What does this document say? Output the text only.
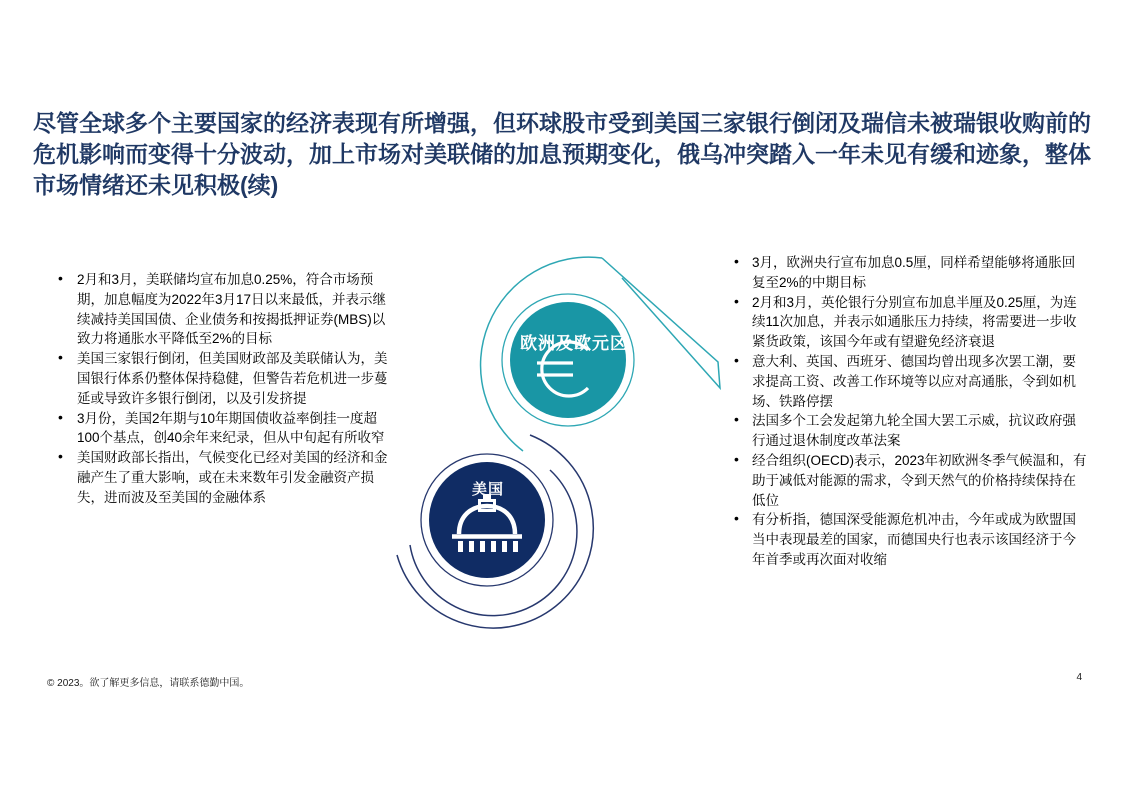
尽管全球多个主要国家的经济表现有所增强，但环球股市受到美国三家银行倒闭及瑞信未被瑞银收购前的危机影响而变得十分波动，加上市场对美联储的加息预期变化，俄乌冲突踏入一年未见有缓和迹象，整体市场情绪还未见积极(续)
• 2月和3月，美联储均宣布加息0.25%，符合市场预期，加息幅度为2022年3月17日以来最低，并表示继续减持美国国债、企业债务和按揭抵押证券(MBS)以致力将通胀水平降低至2%的目标
• 美国三家银行倒闭，但美国财政部及美联储认为，美国银行体系仍整体保持稳健，但警告若危机进一步蔓延或导致许多银行倒闭，以及引发挤提
• 3月份，美国2年期与10年期国债收益率倒挂一度超100个基点，创40余年来纪录，但从中旬起有所收窄
• 美国财政部长指出，气候变化已经对美国的经济和金融产生了重大影响，或在未来数年引发金融资产损失，进而波及至美国的金融体系
• 3月，欧洲央行宣布加息0.5厘，同样希望能够将通胀回复至2%的中期目标
• 2月和3月，英伦银行分别宣布加息半厘及0.25厘，为连续11次加息，并表示如通胀压力持续，将需要进一步收紧货政策，该国今年或有望避免经济衰退
• 意大利、英国、西班牙、德国均曾出现多次罢工潮，要求提高工资、改善工作环境等以应对高通胀，令到如机场、铁路停摆
• 法国多个工会发起第九轮全国大罢工示威，抗议政府强行通过退休制度改革法案
• 经合组织(OECD)表示，2023年初欧洲冬季气候温和，有助于减低对能源的需求，令到天然气的价格持续保持在低位
• 有分析指，德国深受能源危机冲击，今年或成为欧盟国当中表现最差的国家，而德国央行也表示该国经济于今年首季或再次面对收缩
欧洲及欧元区
美国
© 2023。欲了解更多信息，请联系德勤中国。
4
